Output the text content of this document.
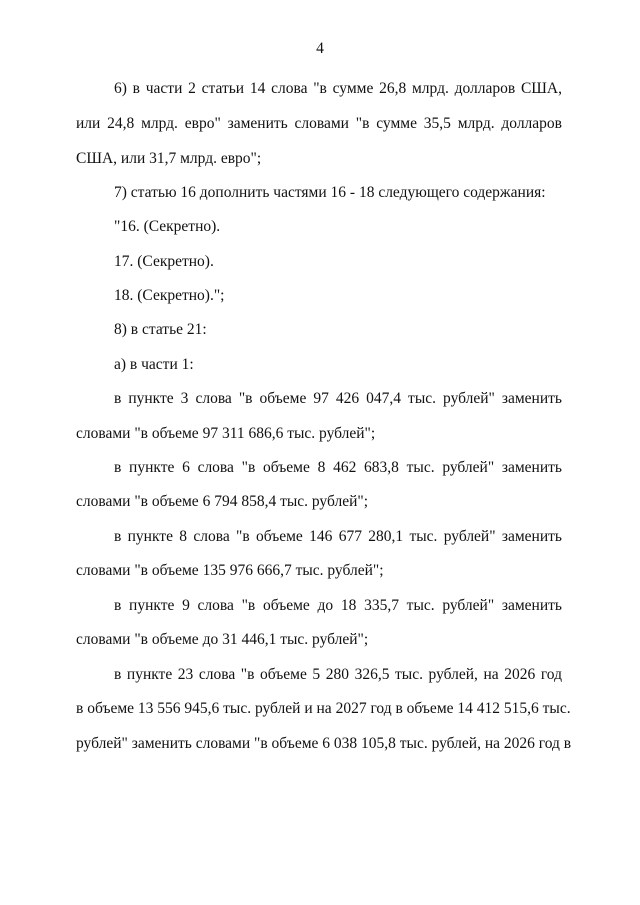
4
6) в части 2 статьи 14 слова "в сумме 26,8 млрд. долларов США,
или 24,8 млрд. евро" заменить словами "в сумме 35,5 млрд. долларов
США, или 31,7 млрд. евро";
7) статью 16 дополнить частями 16 - 18 следующего содержания:
"16. (Секретно).
17. (Секретно).
18. (Секретно).";
8) в статье 21:
а) в части 1:
в пункте 3 слова "в объеме 97 426 047,4 тыс. рублей" заменить
словами "в объеме 97 311 686,6 тыс. рублей";
в пункте 6 слова "в объеме 8 462 683,8 тыс. рублей" заменить
словами "в объеме 6 794 858,4 тыс. рублей";
в пункте 8 слова "в объеме 146 677 280,1 тыс. рублей" заменить
словами "в объеме 135 976 666,7 тыс. рублей";
в пункте 9 слова "в объеме до 18 335,7 тыс. рублей" заменить
словами "в объеме до 31 446,1 тыс. рублей";
в пункте 23 слова "в объеме 5 280 326,5 тыс. рублей, на 2026 год
в объеме 13 556 945,6 тыс. рублей и на 2027 год в объеме 14 412 515,6 тыс.
рублей" заменить словами "в объеме 6 038 105,8 тыс. рублей, на 2026 год в
